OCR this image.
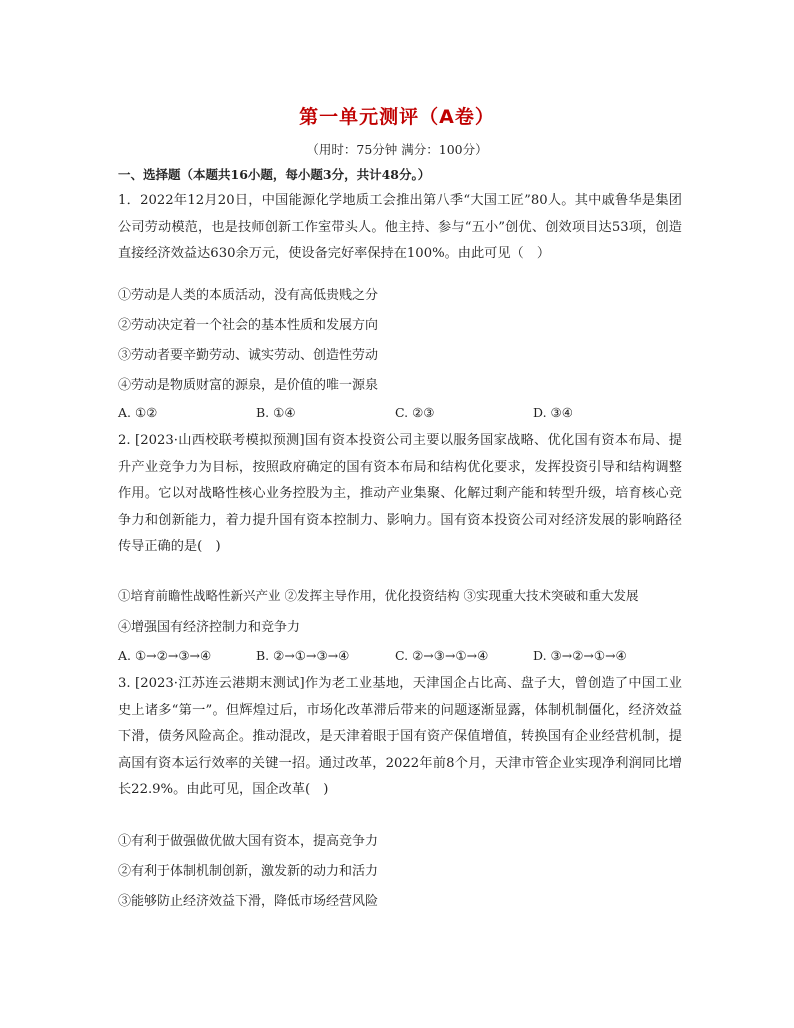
第一单元测评（A卷）
（用时：75分钟 满分：100分）
一、选择题（本题共16小题，每小题3分，共计48分。）
1．2022年12月20日，中国能源化学地质工会推出第八季“大国工匠”80人。其中戚鲁华是集团公司劳动模范，也是技师创新工作室带头人。他主持、参与“五小”创优、创效项目达53项，创造直接经济效益达630余万元，使设备完好率保持在100%。由此可见（　）
①劳动是人类的本质活动，没有高低贵贱之分
②劳动决定着一个社会的基本性质和发展方向
③劳动者要辛勤劳动、诚实劳动、创造性劳动
④劳动是物质财富的源泉，是价值的唯一源泉
A. ①②	B. ①④	C. ②③	D. ③④
2. [2023·山西校联考模拟预测]国有资本投资公司主要以服务国家战略、优化国有资本布局、提升产业竞争力为目标，按照政府确定的国有资本布局和结构优化要求，发挥投资引导和结构调整作用。它以对战略性核心业务控股为主，推动产业集聚、化解过剩产能和转型升级，培育核心竞争力和创新能力，着力提升国有资本控制力、影响力。国有资本投资公司对经济发展的影响路径传导正确的是(　)
①培育前瞻性战略性新兴产业 ②发挥主导作用，优化投资结构 ③实现重大技术突破和重大发展
④增强国有经济控制力和竞争力
A. ①→②→③→④	B. ②→①→③→④	C. ②→③→①→④	D. ③→②→①→④
3. [2023·江苏连云港期末测试]作为老工业基地，天津国企占比高、盘子大，曾创造了中国工业史上诸多“第一”。但辉煌过后，市场化改革滞后带来的问题逐渐显露，体制机制僵化，经济效益下滑，债务风险高企。推动混改，是天津着眼于国有资产保值增值，转换国有企业经营机制，提高国有资本运行效率的关键一招。通过改革，2022年前8个月，天津市管企业实现净利润同比增长22.9%。由此可见，国企改革(　)
①有利于做强做优做大国有资本，提高竞争力
②有利于体制机制创新，激发新的动力和活力
③能够防止经济效益下滑，降低市场经营风险
